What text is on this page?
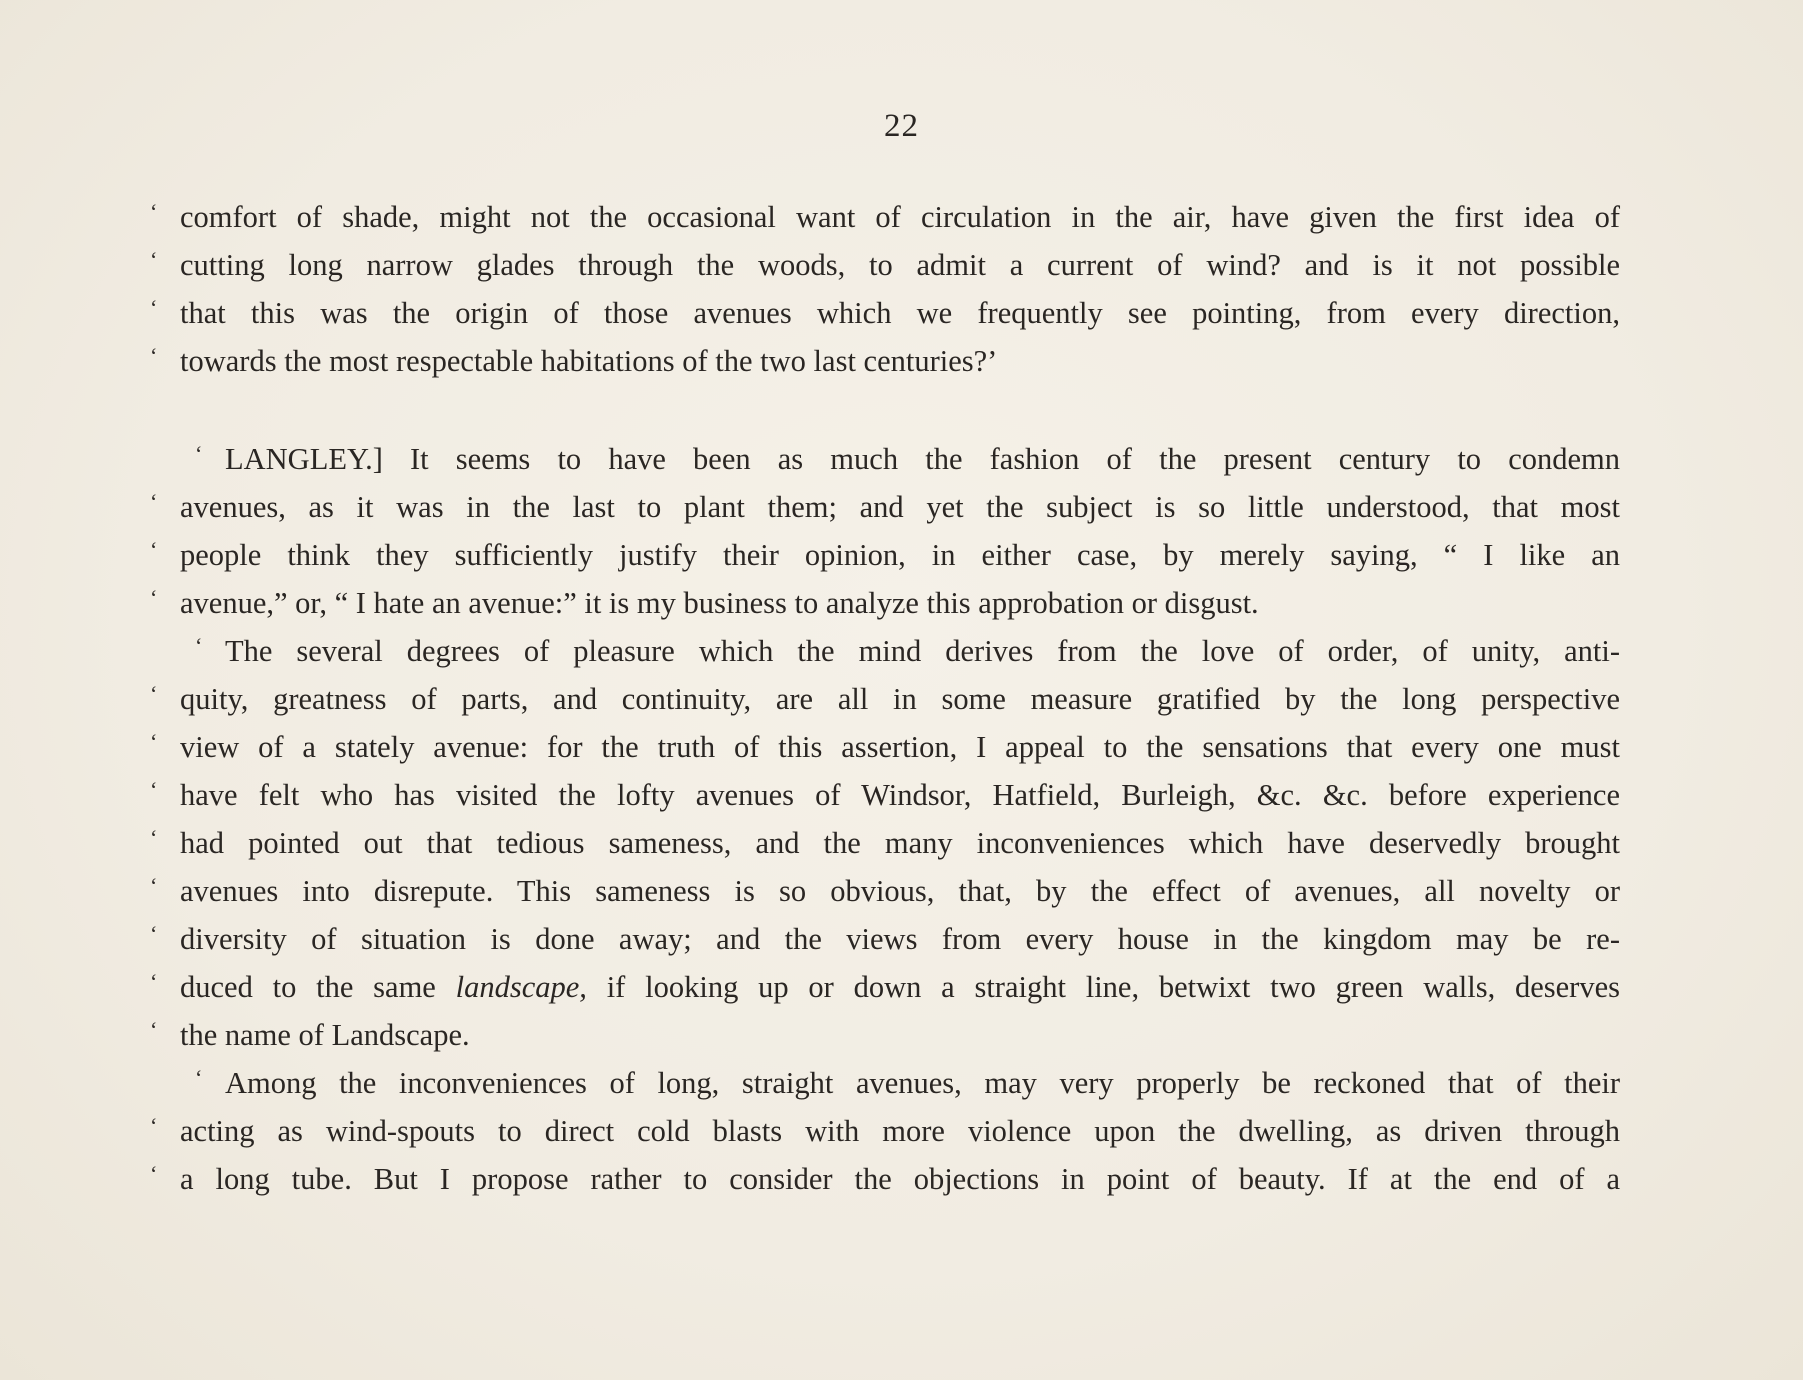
22
‘ comfort of shade, might not the occasional want of circulation in the air, have given the first idea of
‘ cutting long narrow glades through the woods, to admit a current of wind? and is it not possible
‘ that this was the origin of those avenues which we frequently see pointing, from every direction,
‘ towards the most respectable habitations of the two last centuries?’
‘ LANGLEY.] It seems to have been as much the fashion of the present century to condemn
‘ avenues, as it was in the last to plant them; and yet the subject is so little understood, that most
‘ people think they sufficiently justify their opinion, in either case, by merely saying, “ I like an
‘ avenue,” or, “ I hate an avenue:” it is my business to analyze this approbation or disgust.
‘ The several degrees of pleasure which the mind derives from the love of order, of unity, anti-
‘ quity, greatness of parts, and continuity, are all in some measure gratified by the long perspective
‘ view of a stately avenue: for the truth of this assertion, I appeal to the sensations that every one must
‘ have felt who has visited the lofty avenues of Windsor, Hatfield, Burleigh, &c. &c. before experience
‘ had pointed out that tedious sameness, and the many inconveniences which have deservedly brought
‘ avenues into disrepute. This sameness is so obvious, that, by the effect of avenues, all novelty or
‘ diversity of situation is done away; and the views from every house in the kingdom may be re-
‘ duced to the same landscape, if looking up or down a straight line, betwixt two green walls, deserves
‘ the name of Landscape.
‘ Among the inconveniences of long, straight avenues, may very properly be reckoned that of their
‘ acting as wind-spouts to direct cold blasts with more violence upon the dwelling, as driven through
‘ a long tube. But I propose rather to consider the objections in point of beauty. If at the end of a
